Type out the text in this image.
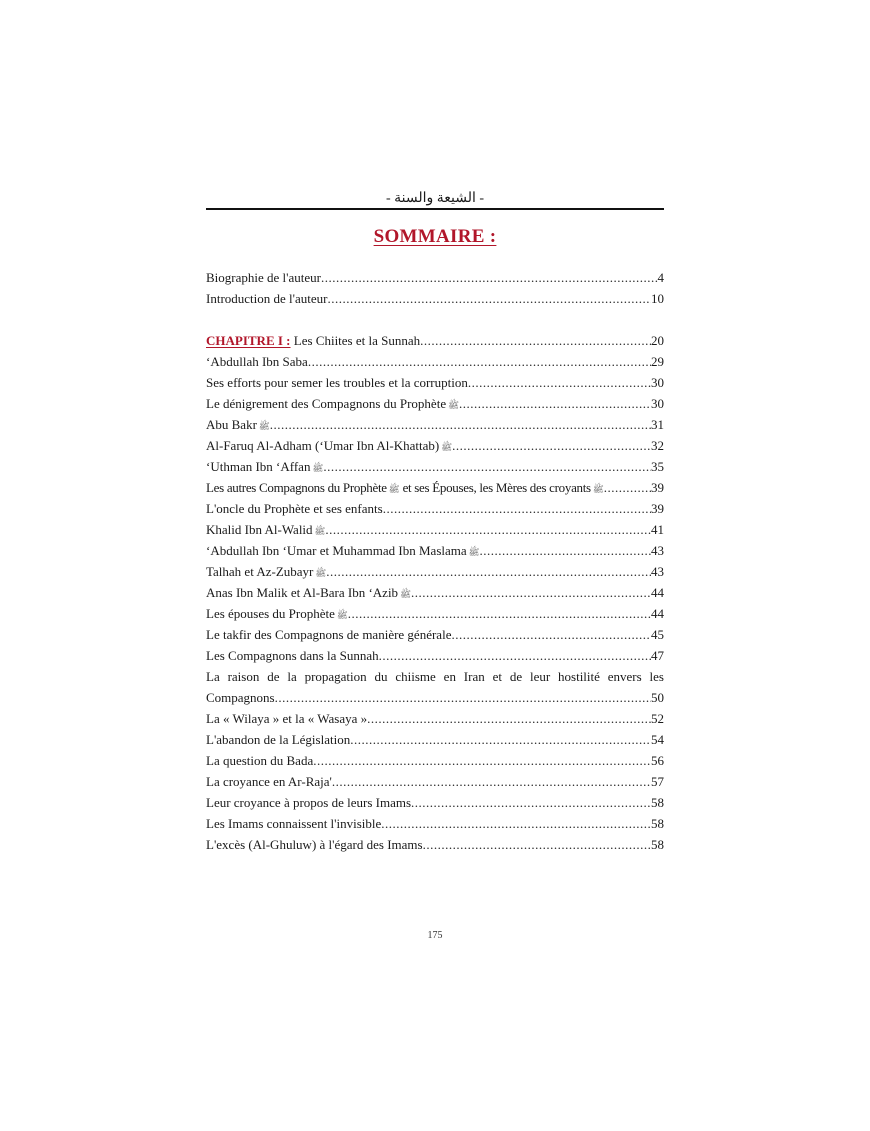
- الشيعة والسنة -
SOMMAIRE :
Biographie de l'auteur .....	4
Introduction de l'auteur .....	10
CHAPITRE I : Les Chiites et la Sunnah .....	20
‘Abdullah Ibn Saba .....	29
Ses efforts pour semer les troubles et la corruption .....	30
Le dénigrement des Compagnons du Prophète ﷺ .....	30
Abu Bakr ﷺ .....	31
Al-Faruq Al-Adham (‘Umar Ibn Al-Khattab) ﷺ .....	32
‘Uthman Ibn ‘Affan ﷺ .....	35
Les autres Compagnons du Prophète ﷺ et ses Épouses, les Mères des croyants ﷺ .....	39
L'oncle du Prophète et ses enfants .....	39
Khalid Ibn Al-Walid ﷺ .....	41
‘Abdullah Ibn ‘Umar et Muhammad Ibn Maslama ﷺ .....	43
Talhah et Az-Zubayr ﷺ .....	43
Anas Ibn Malik et Al-Bara Ibn ‘Azib ﷺ .....	44
Les épouses du Prophète ﷺ .....	44
Le takfir des Compagnons de manière générale .....	45
Les Compagnons dans la Sunnah .....	47
La raison de la propagation du chiisme en Iran et de leur hostilité envers les
Compagnons .....	50
La « Wilaya » et la « Wasaya » .....	52
L'abandon de la Législation .....	54
La question du Bada .....	56
La croyance en Ar-Raja' .....	57
Leur croyance à propos de leurs Imams .....	58
Les Imams connaissent l'invisible .....	58
L'excès (Al-Ghuluw) à l'égard des Imams .....	58
175
